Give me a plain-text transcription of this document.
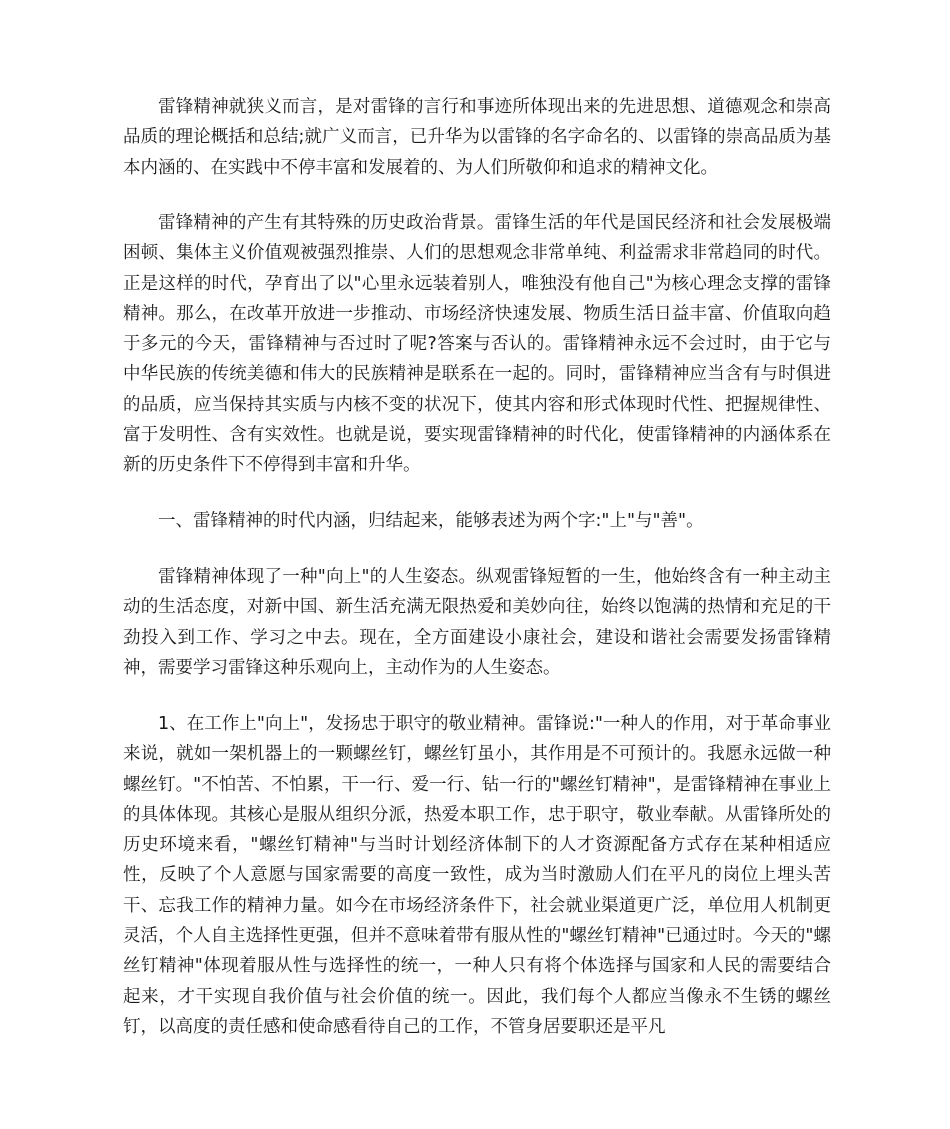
雷锋精神就狭义而言，是对雷锋的言行和事迹所体现出来的先进思想、道德观念和崇高品质的理论概括和总结;就广义而言，已升华为以雷锋的名字命名的、以雷锋的崇高品质为基本内涵的、在实践中不停丰富和发展着的、为人们所敬仰和追求的精神文化。

雷锋精神的产生有其特殊的历史政治背景。雷锋生活的年代是国民经济和社会发展极端困顿、集体主义价值观被强烈推崇、人们的思想观念非常单纯、利益需求非常趋同的时代。正是这样的时代，孕育出了以"心里永远装着别人，唯独没有他自己"为核心理念支撑的雷锋精神。那么，在改革开放进一步推动、市场经济快速发展、物质生活日益丰富、价值取向趋于多元的今天，雷锋精神与否过时了呢?答案与否认的。雷锋精神永远不会过时，由于它与中华民族的传统美德和伟大的民族精神是联系在一起的。同时，雷锋精神应当含有与时俱进的品质，应当保持其实质与内核不变的状况下，使其内容和形式体现时代性、把握规律性、富于发明性、含有实效性。也就是说，要实现雷锋精神的时代化，使雷锋精神的内涵体系在新的历史条件下不停得到丰富和升华。

一、雷锋精神的时代内涵，归结起来，能够表述为两个字:"上"与"善"。

雷锋精神体现了一种"向上"的人生姿态。纵观雷锋短暂的一生，他始终含有一种主动主动的生活态度，对新中国、新生活充满无限热爱和美妙向往，始终以饱满的热情和充足的干劲投入到工作、学习之中去。现在，全方面建设小康社会，建设和谐社会需要发扬雷锋精神，需要学习雷锋这种乐观向上，主动作为的人生姿态。

1、在工作上"向上"，发扬忠于职守的敬业精神。雷锋说:"一种人的作用，对于革命事业来说，就如一架机器上的一颗螺丝钉，螺丝钉虽小，其作用是不可预计的。我愿永远做一种螺丝钉。"不怕苦、不怕累，干一行、爱一行、钻一行的"螺丝钉精神"，是雷锋精神在事业上的具体体现。其核心是服从组织分派，热爱本职工作，忠于职守，敬业奉献。从雷锋所处的历史环境来看，"螺丝钉精神"与当时计划经济体制下的人才资源配备方式存在某种相适应性，反映了个人意愿与国家需要的高度一致性，成为当时激励人们在平凡的岗位上埋头苦干、忘我工作的精神力量。如今在市场经济条件下，社会就业渠道更广泛，单位用人机制更灵活，个人自主选择性更强，但并不意味着带有服从性的"螺丝钉精神"已通过时。今天的"螺丝钉精神"体现着服从性与选择性的统一，一种人只有将个体选择与国家和人民的需要结合起来，才干实现自我价值与社会价值的统一。因此，我们每个人都应当像永不生锈的螺丝钉，以高度的责任感和使命感看待自己的工作，不管身居要职还是平凡
